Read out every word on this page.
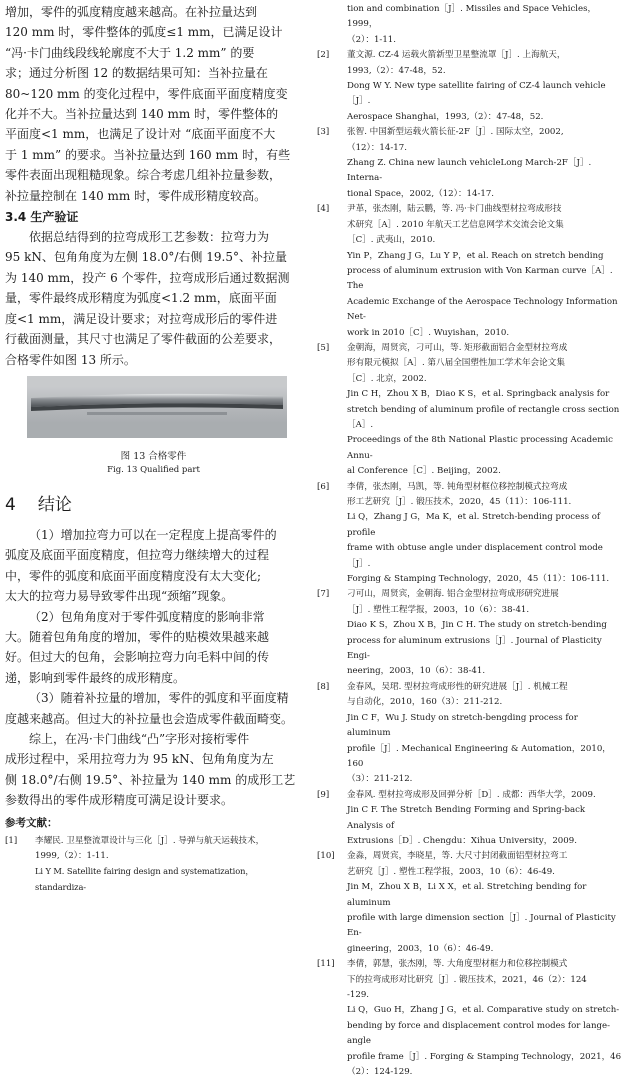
增加，零件的弧度精度越来越高。在补拉量达到

120 mm 时，零件整体的弧度≤1 mm，已满足设计

“冯·卡门曲线段线轮廓度不大于 1.2 mm” 的要

求；通过分析图 12 的数据结果可知：当补拉量在

80~120 mm 的变化过程中，零件底面平面度精度变

化并不大。当补拉量达到 140 mm 时，零件整体的

平面度<1 mm，也满足了设计对 “底面平面度不大

于 1 mm” 的要求。当补拉量达到 160 mm 时，有些

零件表面出现粗糙现象。综合考虑几组补拉量参数，

补拉量控制在 140 mm 时，零件成形精度较高。

3.4 生产验证

依据总结得到的拉弯成形工艺参数：拉弯力为

95 kN、包角角度为左侧 18.0°/右侧 19.5°、补拉量

为 140 mm，投产 6 个零件，拉弯成形后通过数据测

量，零件最终成形精度为弧度<1.2 mm，底面平面

度<1 mm，满足设计要求；对拉弯成形后的零件进

行截面测量，其尺寸也满足了零件截面的公差要求，

合格零件如图 13 所示。

图 13 合格零件

Fig. 13 Qualified part

4 结论

（1）增加拉弯力可以在一定程度上提高零件的

弧度及底面平面度精度，但拉弯力继续增大的过程

中，零件的弧度和底面平面度精度没有太大变化;

太大的拉弯力易导致零件出现“颈缩”现象。

（2）包角角度对于零件弧度精度的影响非常

大。随着包角角度的增加，零件的贴模效果越来越

好。但过大的包角，会影响拉弯力向毛料中间的传

递，影响到零件最终的成形精度。

（3）随着补拉量的增加，零件的弧度和平面度精

度越来越高。但过大的补拉量也会造成零件截面畸变。

综上，在冯·卡门曲线“凸”字形对接桁零件

成形过程中，采用拉弯力为 95 kN、包角角度为左

侧 18.0°/右侧 19.5°、补拉量为 140 mm 的成形工艺

参数得出的零件成形精度可满足设计要求。

参考文献：
[1] 李耀民. 卫星整流罩设计与三化［J］. 导弹与航天运载技术，
1999,（2）：1-11.
Li Y M. Satellite fairing design and systematization，standardiza-

tion and combination［J］. Missiles and Space Vehicles，1999，

（2）：1-11.

[2] 董文源. CZ-4 运载火箭新型卫星整流罩［J］. 上海航天，
1993,（2）：47-48，52.
Dong W Y. New type satellite fairing of CZ-4 launch vehicle［J］.
Aerospace Shanghai，1993,（2）：47-48，52.
[3] 张智. 中国新型运载火箭长征-2F［J］. 国际太空，2002,
（12）：14-17.
Zhang Z. China new launch vehicleLong March-2F［J］. Interna-
tional Space，2002,（12）：14-17.
[4] 尹革，张杰刚，陆云鹏，等. 冯·卡门曲线型材拉弯成形技
术研究［A］. 2010 年航天工艺信息网学术交流会论文集
［C］. 武夷山，2010.
Yin P，Zhang J G，Lu Y P，et al. Reach on stretch bending
process of aluminum extrusion with Von Karman curve［A］. The
Academic Exchange of the Aerospace Technology Information Net-
work in 2010［C］. Wuyishan，2010.
[5] 金朝海，周贤宾，刁可山，等. 矩形截面铝合金型材拉弯成
形有限元模拟［A］. 第八届全国塑性加工学术年会论文集
［C］. 北京，2002.
Jin C H，Zhou X B，Diao K S，et al. Springback analysis for
stretch bending of aluminum profile of rectangle cross section［A］.
Proceedings of the 8th National Plastic processing Academic Annu-
al Conference［C］. Beijing，2002.
[6] 李倩，张杰刚，马凯，等. 钝角型材框位移控制模式拉弯成
形工艺研究［J］. 锻压技术，2020，45（11）：106-111.
Li Q，Zhang J G，Ma K，et al. Stretch-bending process of profile
frame with obtuse angle under displacement control mode［J］.
Forging & Stamping Technology，2020，45（11）：106-111.
[7] 刁可山，周贤宾，金朝海. 铝合金型材拉弯成形研究进展
［J］. 塑性工程学报，2003，10（6）：38-41.
Diao K S，Zhou X B，Jin C H. The study on stretch-bending
process for aluminum extrusions［J］. Journal of Plasticity Engi-
neering，2003，10（6）：38-41.
[8] 金春风，吴珺. 型材拉弯成形性的研究进展［J］. 机械工程
与自动化，2010，160（3）：211-212.
Jin C F，Wu J. Study on stretch-bengding process for aluminum
profile［J］. Mechanical Engineering & Automation，2010，160
（3）：211-212.
[9] 金春风. 型材拉弯成形及回弹分析［D］. 成都：西华大学，2009.
Jin C F. The Stretch Bending Forming and Spring-back Analysis of
Extrusions［D］. Chengdu：Xihua University，2009.
[10] 金淼，周贤宾，李晓星，等. 大尺寸封闭截面铝型材拉弯工
艺研究［J］. 塑性工程学报，2003，10（6）：46-49.
Jin M，Zhou X B，Li X X，et al. Stretching bending for aluminum
profile with large dimension section［J］. Journal of Plasticity En-
gineering，2003，10（6）：46-49.
[11] 李倩，郭慧，张杰刚，等. 大角度型材框力和位移控制模式
下的拉弯成形对比研究［J］. 锻压技术，2021，46（2）：124
-129.
Li Q，Guo H，Zhang J G，et al. Comparative study on stretch-
bending by force and displacement control modes for lange-angle
profile frame［J］. Forging & Stamping Technology，2021，46
（2）：124-129.
